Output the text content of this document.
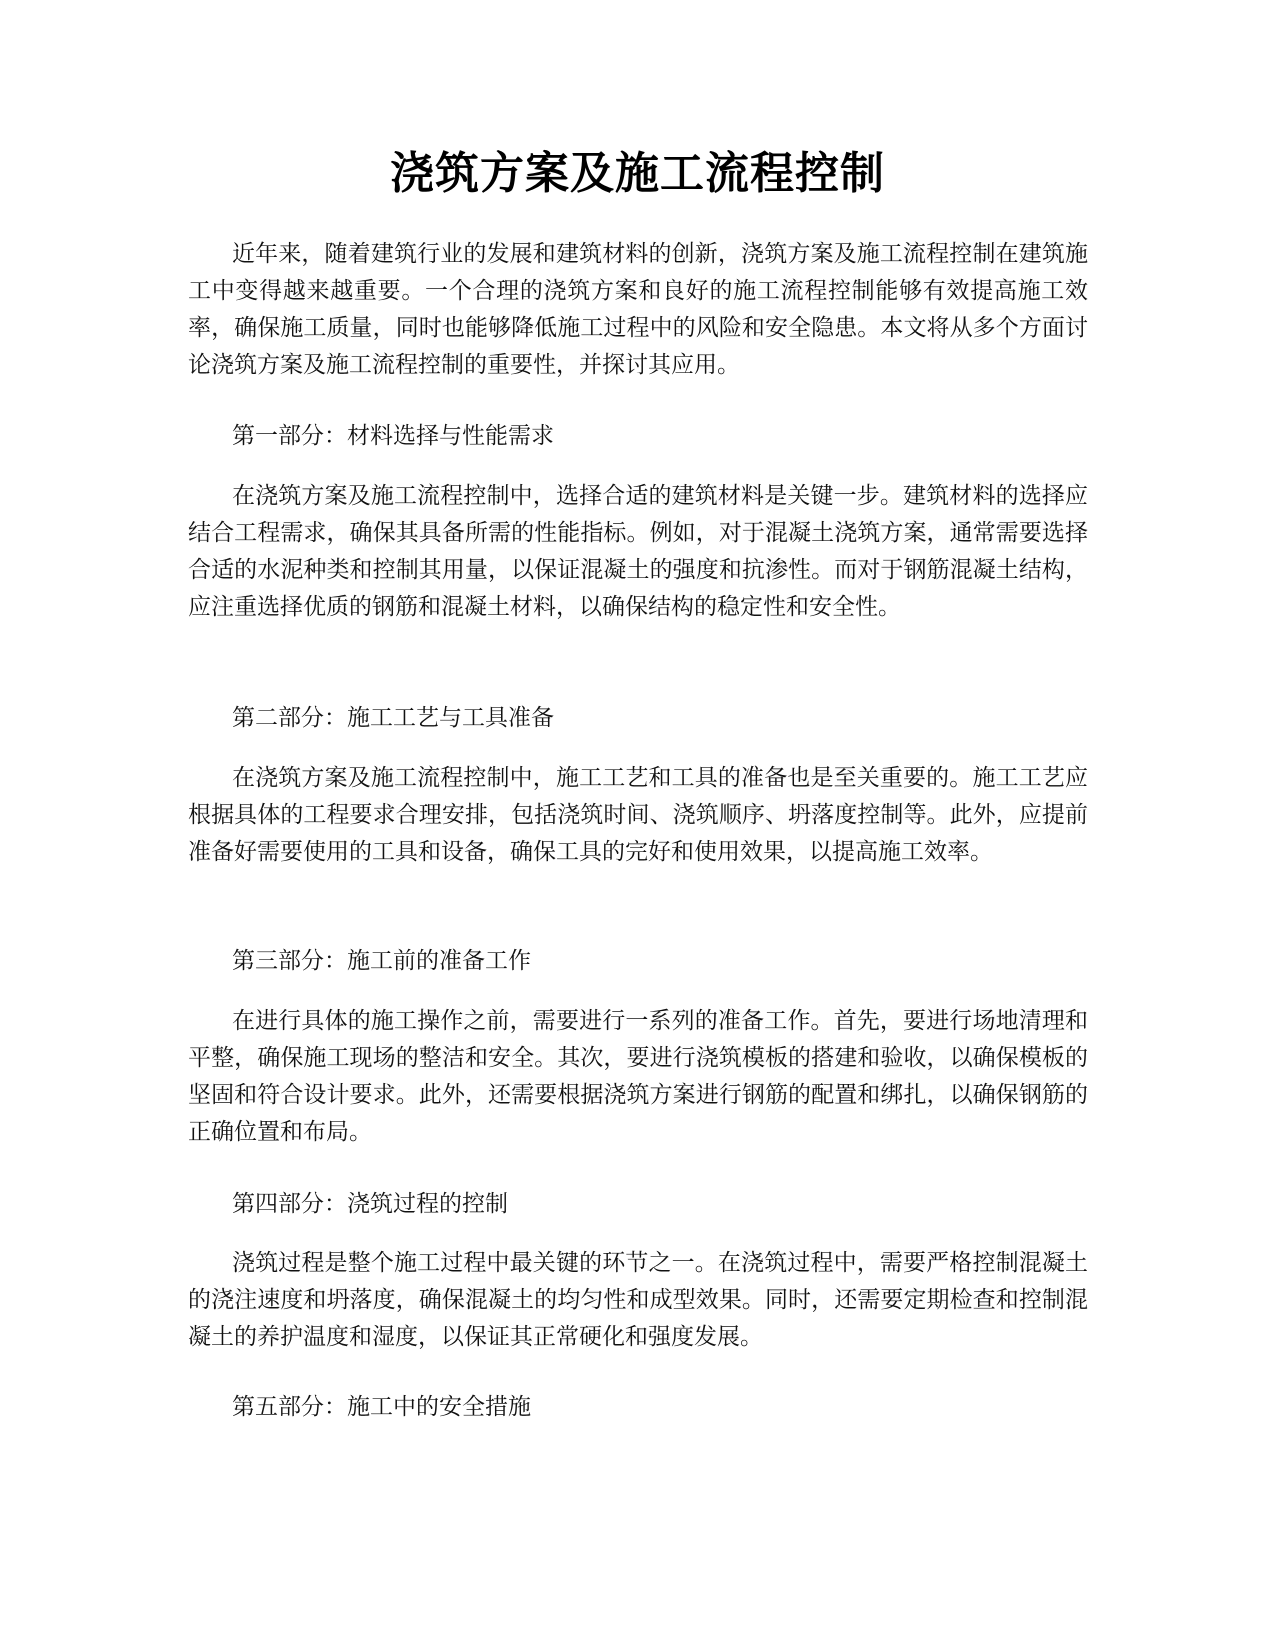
浇筑方案及施工流程控制

近年来，随着建筑行业的发展和建筑材料的创新，浇筑方案及施工流程控制在建筑施工中变得越来越重要。一个合理的浇筑方案和良好的施工流程控制能够有效提高施工效率，确保施工质量，同时也能够降低施工过程中的风险和安全隐患。本文将从多个方面讨论浇筑方案及施工流程控制的重要性，并探讨其应用。

第一部分：材料选择与性能需求

在浇筑方案及施工流程控制中，选择合适的建筑材料是关键一步。建筑材料的选择应结合工程需求，确保其具备所需的性能指标。例如，对于混凝土浇筑方案，通常需要选择合适的水泥种类和控制其用量，以保证混凝土的强度和抗渗性。而对于钢筋混凝土结构，应注重选择优质的钢筋和混凝土材料，以确保结构的稳定性和安全性。

第二部分：施工工艺与工具准备

在浇筑方案及施工流程控制中，施工工艺和工具的准备也是至关重要的。施工工艺应根据具体的工程要求合理安排，包括浇筑时间、浇筑顺序、坍落度控制等。此外，应提前准备好需要使用的工具和设备，确保工具的完好和使用效果，以提高施工效率。

第三部分：施工前的准备工作

在进行具体的施工操作之前，需要进行一系列的准备工作。首先，要进行场地清理和平整，确保施工现场的整洁和安全。其次，要进行浇筑模板的搭建和验收，以确保模板的坚固和符合设计要求。此外，还需要根据浇筑方案进行钢筋的配置和绑扎，以确保钢筋的正确位置和布局。

第四部分：浇筑过程的控制

浇筑过程是整个施工过程中最关键的环节之一。在浇筑过程中，需要严格控制混凝土的浇注速度和坍落度，确保混凝土的均匀性和成型效果。同时，还需要定期检查和控制混凝土的养护温度和湿度，以保证其正常硬化和强度发展。

第五部分：施工中的安全措施
